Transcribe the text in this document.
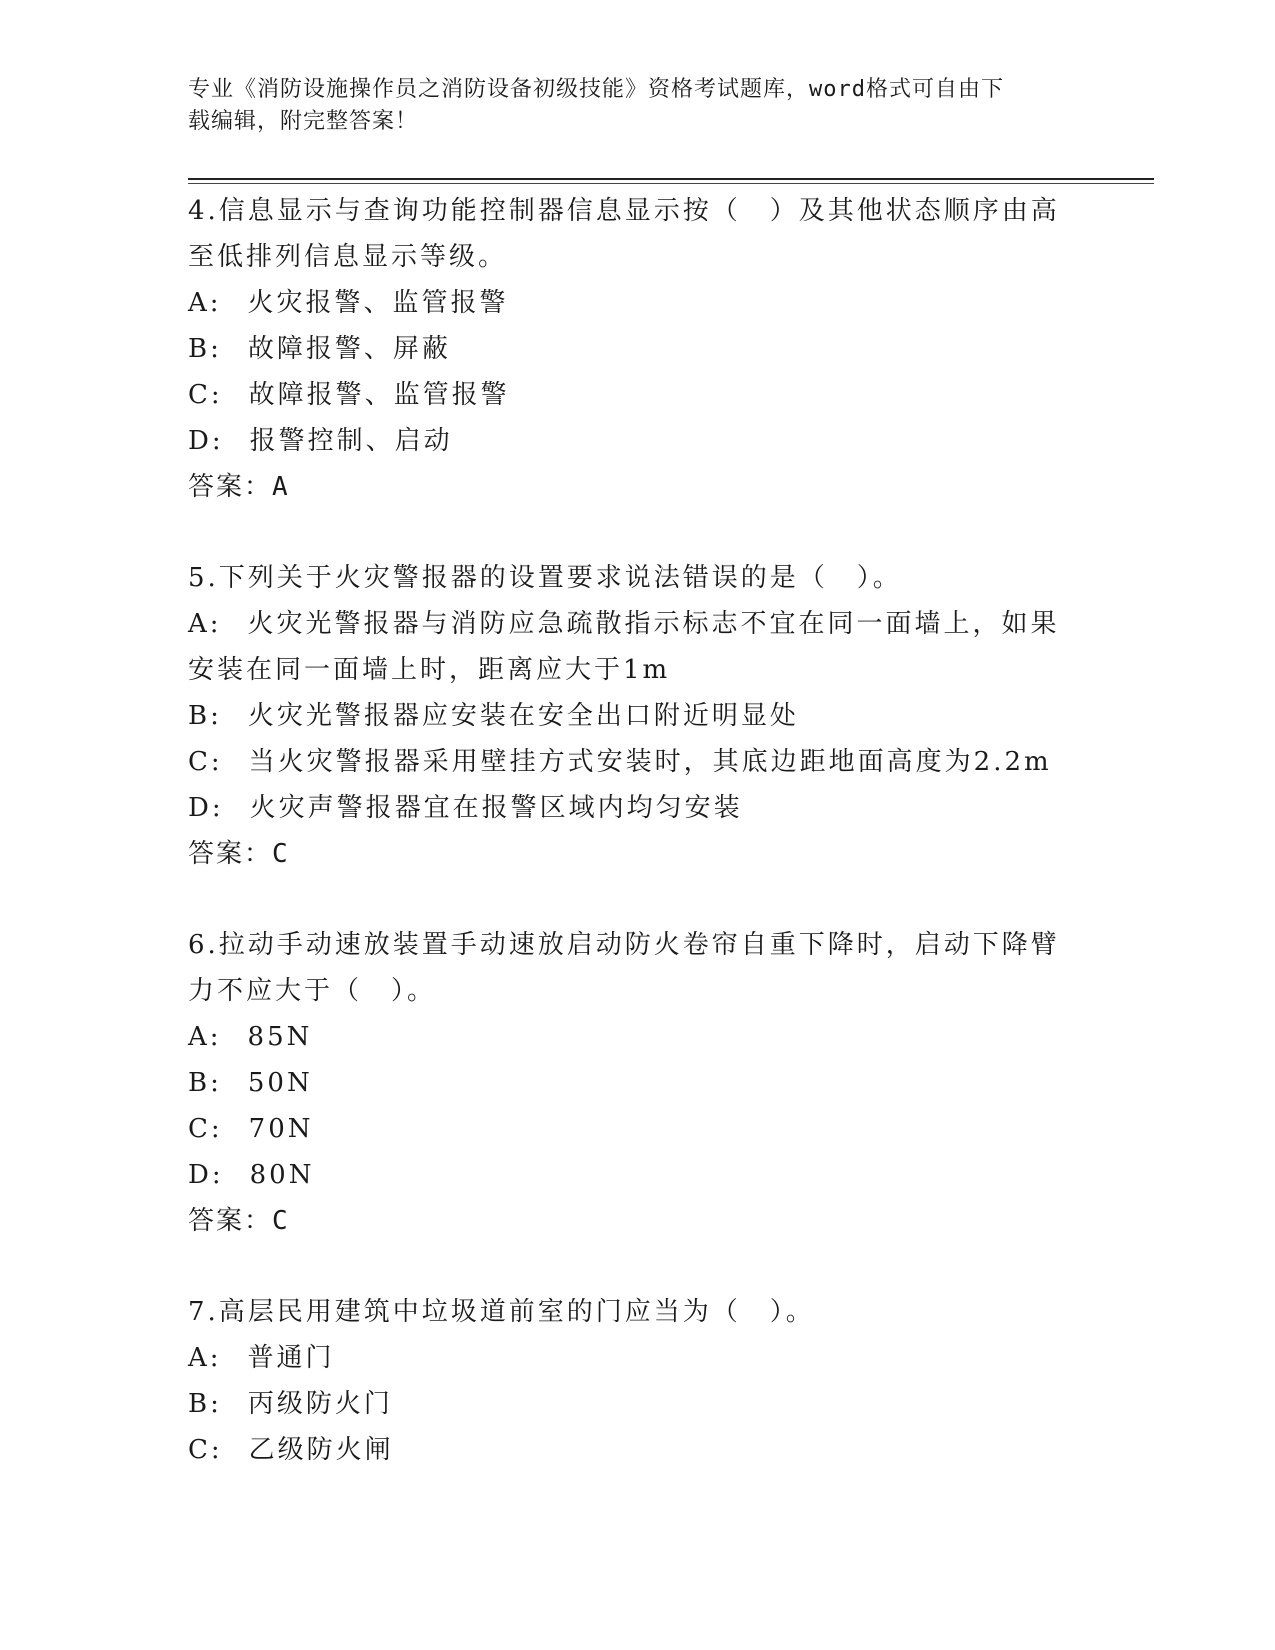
专业《消防设施操作员之消防设备初级技能》资格考试题库，word格式可自由下
载编辑，附完整答案！
4.信息显示与查询功能控制器信息显示按（　）及其他状态顺序由高至低排列信息显示等级。
A: 火灾报警、监管报警
B: 故障报警、屏蔽
C: 故障报警、监管报警
D: 报警控制、启动
答案：A
5.下列关于火灾警报器的设置要求说法错误的是（　）。
A: 火灾光警报器与消防应急疏散指示标志不宜在同一面墙上，如果安装在同一面墙上时，距离应大于1m
B: 火灾光警报器应安装在安全出口附近明显处
C: 当火灾警报器采用壁挂方式安装时，其底边距地面高度为2.2m
D: 火灾声警报器宜在报警区域内均匀安装
答案：C
6.拉动手动速放装置手动速放启动防火卷帘自重下降时，启动下降臂力不应大于（　）。
A: 85N
B: 50N
C: 70N
D: 80N
答案：C
7.高层民用建筑中垃圾道前室的门应当为（　）。
A: 普通门
B: 丙级防火门
C: 乙级防火闸
